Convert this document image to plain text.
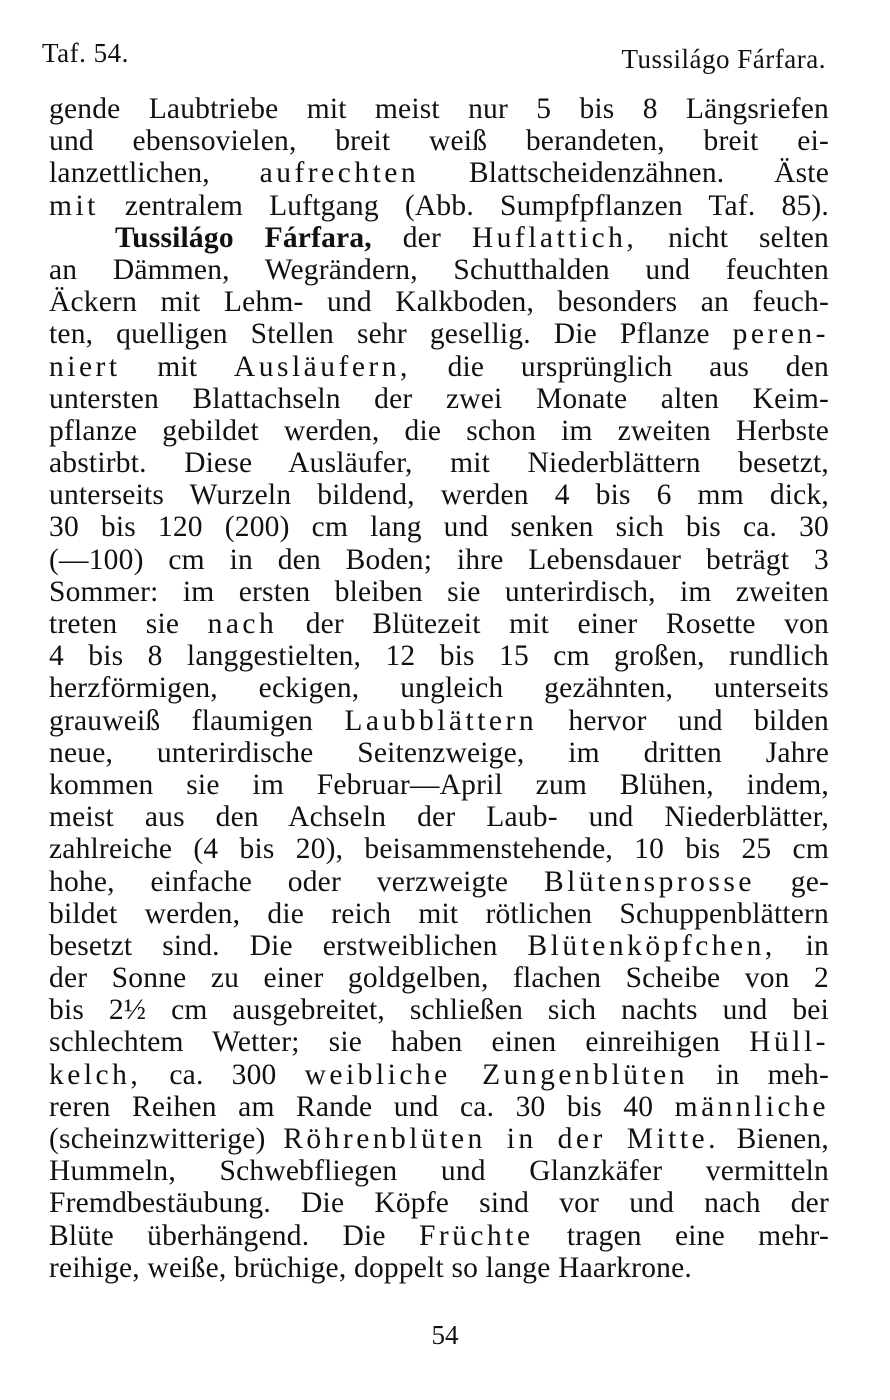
Taf. 54.	Tussilágo Fárfara.
gende Laubtriebe mit meist nur 5 bis 8 Längsriefen
und ebensovielen, breit weiß berandeten, breit ei-
lanzettlichen, aufrechten Blattscheidenzähnen. Äste
mit zentralem Luftgang (Abb. Sumpfpflanzen Taf. 85).
Tussilágo Fárfara, der Huflattich, nicht selten
an Dämmen, Wegrändern, Schutthalden und feuchten
Äckern mit Lehm- und Kalkboden, besonders an feuch-
ten, quelligen Stellen sehr gesellig. Die Pflanze peren-
niert mit Ausläufern, die ursprünglich aus den
untersten Blattachseln der zwei Monate alten Keim-
pflanze gebildet werden, die schon im zweiten Herbste
abstirbt. Diese Ausläufer, mit Niederblättern besetzt,
unterseits Wurzeln bildend, werden 4 bis 6 mm dick,
30 bis 120 (200) cm lang und senken sich bis ca. 30
(—100) cm in den Boden; ihre Lebensdauer beträgt 3
Sommer: im ersten bleiben sie unterirdisch, im zweiten
treten sie nach der Blütezeit mit einer Rosette von
4 bis 8 langgestielten, 12 bis 15 cm großen, rundlich
herzförmigen, eckigen, ungleich gezähnten, unterseits
grauweiß flaumigen Laubblättern hervor und bilden
neue, unterirdische Seitenzweige, im dritten Jahre
kommen sie im Februar—April zum Blühen, indem,
meist aus den Achseln der Laub- und Niederblätter,
zahlreiche (4 bis 20), beisammenstehende, 10 bis 25 cm
hohe, einfache oder verzweigte Blütensprosse ge-
bildet werden, die reich mit rötlichen Schuppenblättern
besetzt sind. Die erstweiblichen Blütenköpfchen, in
der Sonne zu einer goldgelben, flachen Scheibe von 2
bis 2½ cm ausgebreitet, schließen sich nachts und bei
schlechtem Wetter; sie haben einen einreihigen Hüll-
kelch, ca. 300 weibliche Zungenblüten in meh-
reren Reihen am Rande und ca. 30 bis 40 männliche
(scheinzwitterige) Röhrenblüten in der Mitte. Bienen,
Hummeln, Schwebfliegen und Glanzkäfer vermitteln
Fremdbestäubung. Die Köpfe sind vor und nach der
Blüte überhängend. Die Früchte tragen eine mehr-
reihige, weiße, brüchige, doppelt so lange Haarkrone.
54
